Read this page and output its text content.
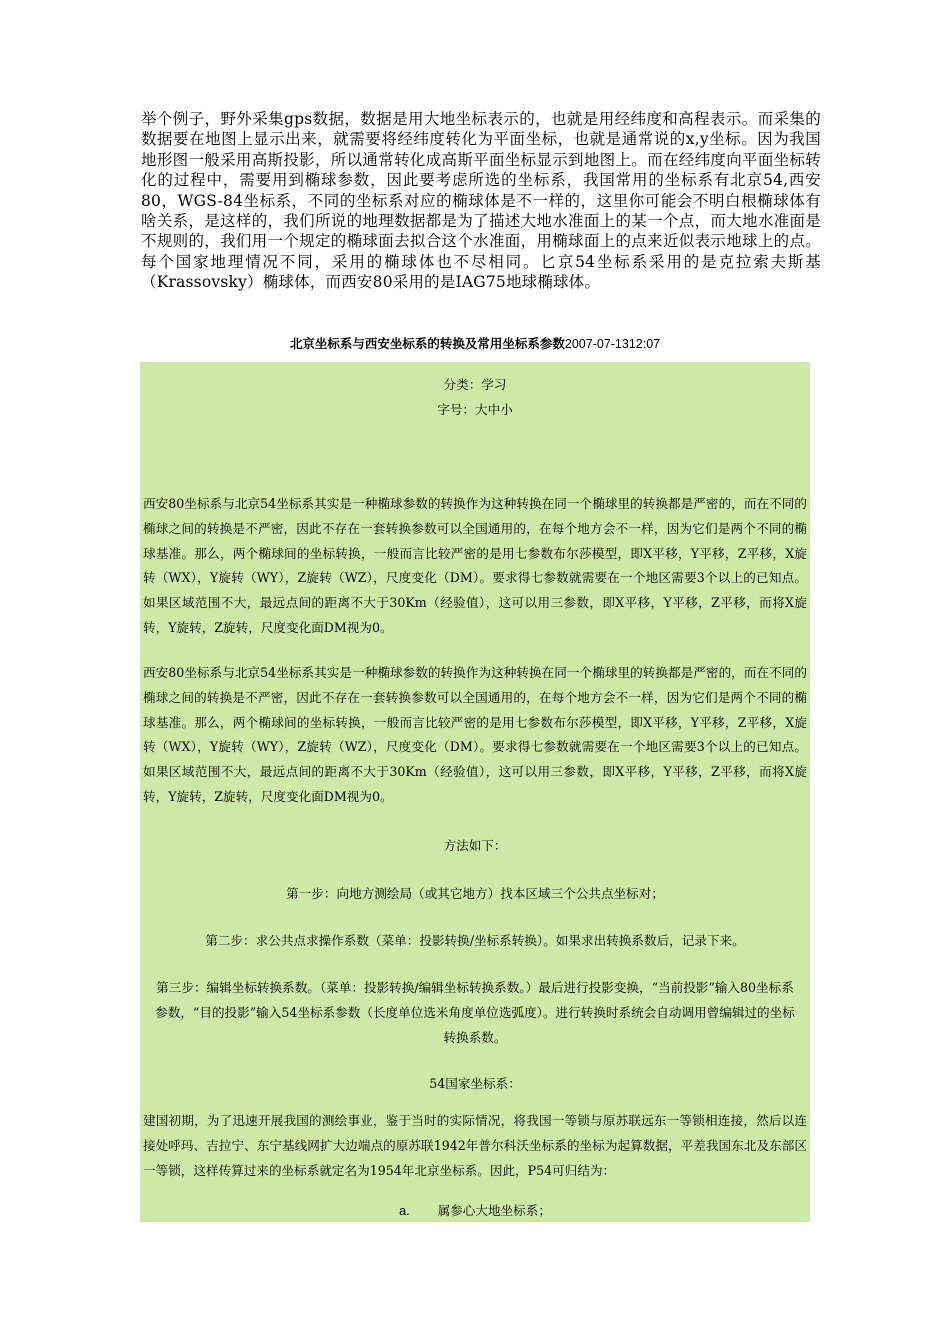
举个例子，野外采集gps数据，数据是用大地坐标表示的，也就是用经纬度和高程表示。而采集的数据要在地图上显示出来，就需要将经纬度转化为平面坐标，也就是通常说的x,y坐标。因为我国地形图一般采用高斯投影，所以通常转化成高斯平面坐标显示到地图上。而在经纬度向平面坐标转化的过程中，需要用到椭球参数，因此要考虑所选的坐标系，我国常用的坐标系有北京54,西安80，WGS-84坐标系，不同的坐标系对应的椭球体是不一样的，这里你可能会不明白根椭球体有啥关系，是这样的，我们所说的地理数据都是为了描述大地水准面上的某一个点，而大地水准面是不规则的，我们用一个规定的椭球面去拟合这个水准面，用椭球面上的点来近似表示地球上的点。每个国家地理情况不同，采用的椭球体也不尽相同。匕京54坐标系采用的是克拉索夫斯基（Krassovsky）椭球体，而西安80采用的是IAG75地球椭球体。
北京坐标系与西安坐标系的转换及常用坐标系参数2007-07-1312:07

分类：学习

字号：大中小

西安80坐标系与北京54坐标系其实是一种椭球参数的转换作为这种转换在同一个椭球里的转换都是严密的，而在不同的椭球之间的转换是不严密，因此不存在一套转换参数可以全国通用的，在每个地方会不一样，因为它们是两个不同的椭球基准。那么，两个椭球间的坐标转换，一般而言比较严密的是用七参数布尔莎模型，即X平移，Y平移，Z平移，X旋转（WX），Y旋转（WY），Z旋转（WZ），尺度变化（DM）。要求得七参数就需要在一个地区需要3个以上的已知点。如果区域范围不大，最远点间的距离不大于30Km（经验值），这可以用三参数，即X平移，Y平移，Z平移，而将X旋转，Y旋转，Z旋转，尺度变化面DM视为0。

西安80坐标系与北京54坐标系其实是一种椭球参数的转换作为这种转换在同一个椭球里的转换都是严密的，而在不同的椭球之间的转换是不严密，因此不存在一套转换参数可以全国通用的，在每个地方会不一样，因为它们是两个不同的椭球基准。那么，两个椭球间的坐标转换，一般而言比较严密的是用七参数布尔莎模型，即X平移，Y平移，Z平移，X旋转（WX），Y旋转（WY），Z旋转（WZ），尺度变化（DM）。要求得七参数就需要在一个地区需要3个以上的已知点。如果区域范围不大，最远点间的距离不大于30Km（经验值），这可以用三参数，即X平移，Y平移，Z平移，而将X旋转，Y旋转，Z旋转，尺度变化面DM视为0。

方法如下：

第一步：向地方测绘局（或其它地方）找本区域三个公共点坐标对；

第二步：求公共点求操作系数（菜单：投影转换/坐标系转换）。如果求出转换系数后，记录下来。

第三步：编辑坐标转换系数。（菜单：投影转换/编辑坐标转换系数。）最后进行投影变换，“当前投影”输入80坐标系参数，“目的投影”输入54坐标系参数（长度单位选米角度单位选弧度）。进行转换时系统会自动调用曾编辑过的坐标转换系数。

54国家坐标系：

建国初期，为了迅速开展我国的测绘事业，鉴于当时的实际情况，将我国一等锁与原苏联远东一等锁相连接，然后以连接处呼玛、吉拉宁、东宁基线网扩大边端点的原苏联1942年普尔科沃坐标系的坐标为起算数据，平差我国东北及东部区一等锁，这样传算过来的坐标系就定名为1954年北京坐标系。因此，P54可归结为：

a. 属参心大地坐标系；
